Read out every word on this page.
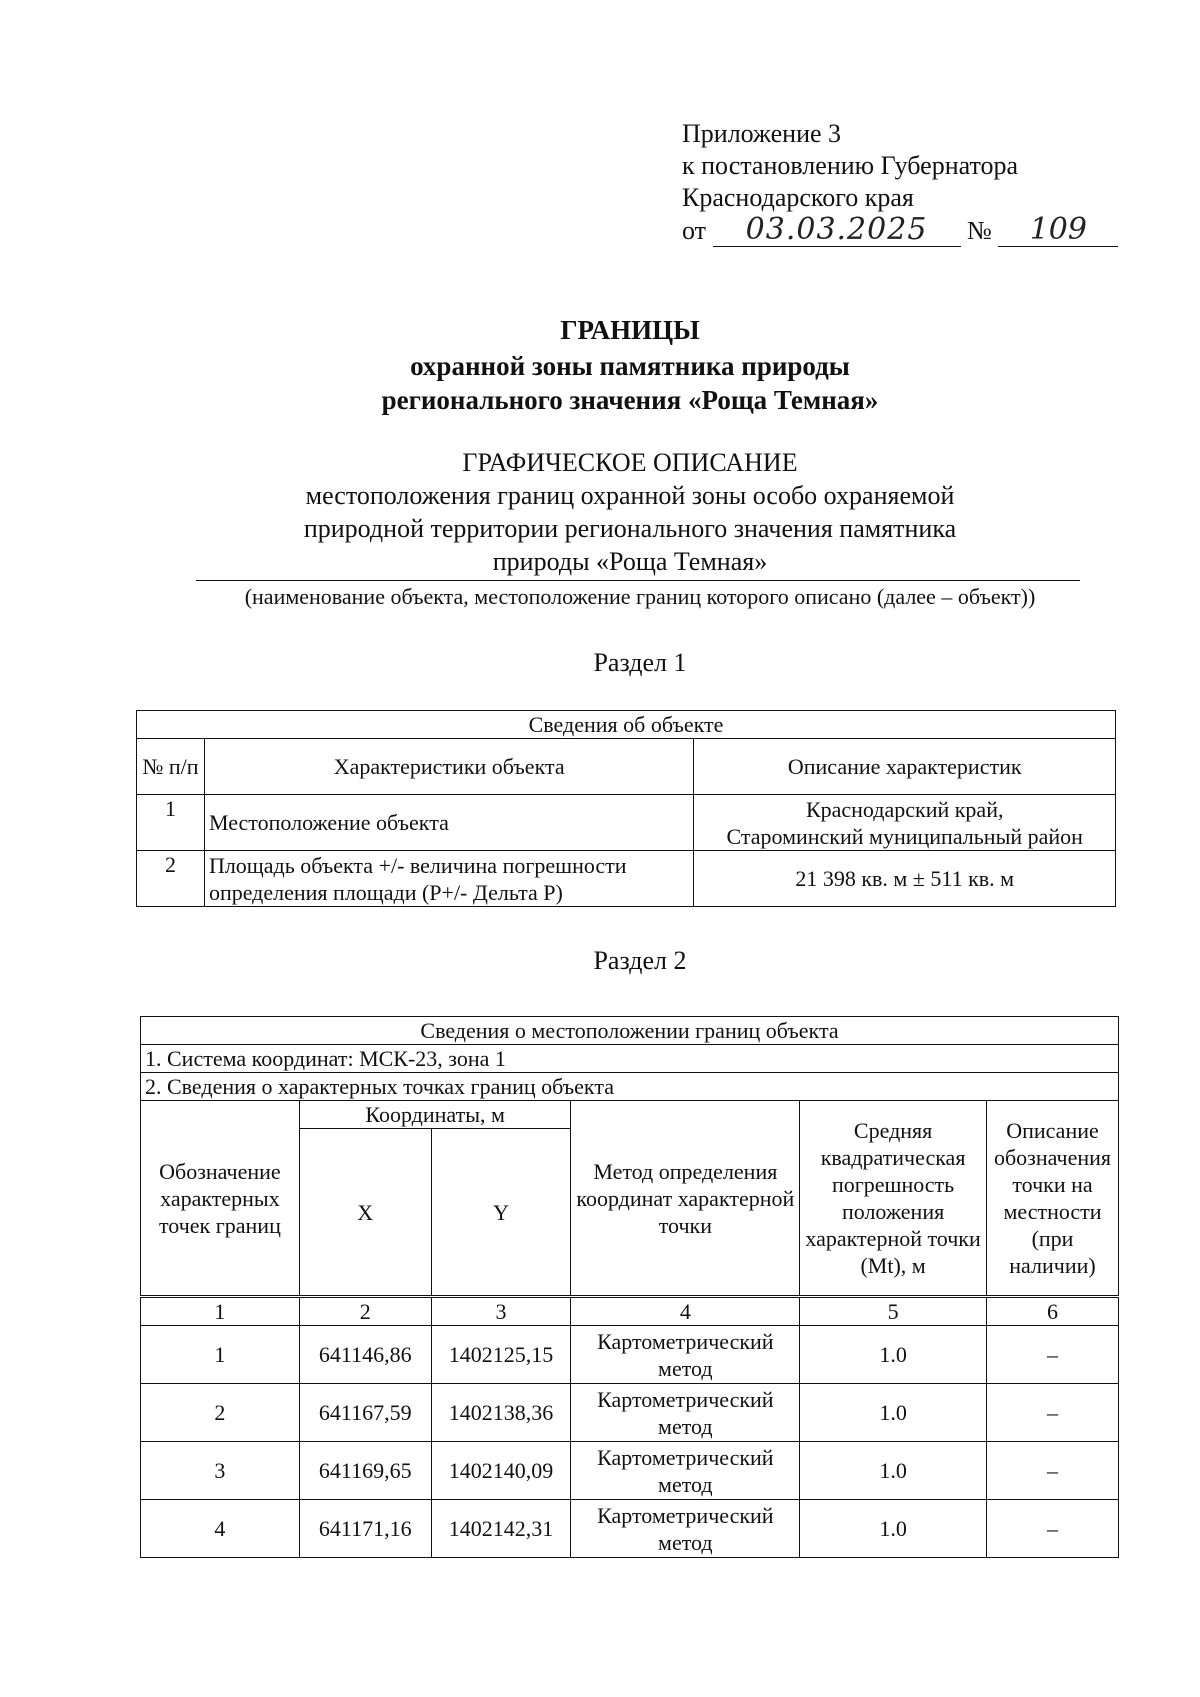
Приложение 3
к постановлению Губернатора
Краснодарского края
от 03.03.2025 № 109
ГРАНИЦЫ
охранной зоны памятника природы
регионального значения «Роща Темная»
ГРАФИЧЕСКОЕ ОПИСАНИЕ
местоположения границ охранной зоны особо охраняемой
природной территории регионального значения памятника
природы «Роща Темная»
(наименование объекта, местоположение границ которого описано (далее – объект))
Раздел 1
Сведения об объекте		
№ п/п	Характеристики объекта	Описание характеристик
1	Местоположение объекта	Краснодарский край,
Староминский муниципальный район

2	Площадь объекта +/- величина погрешности
определения площади (Р+/- Дельта Р)	21 398 кв. м ± 511 кв. м
Раздел 2
Сведения о местоположении границ объекта					
1. Система координат: МСК-23, зона 1					
2. Сведения о характерных точках границ объекта					
Обозначение характерных точек границ	Координаты, м		Метод определения координат характерной точки	Средняя квадратическая погрешность положения характерной точки (Мt), м	Описание обозначения точки на местности (при наличии)
	X	Y			
1	2	3	4	5	6
1	641146,86	1402125,15	Картометрический метод	1.0	–
2	641167,59	1402138,36	Картометрический метод	1.0	–
3	641169,65	1402140,09	Картометрический метод	1.0	–
4	641171,16	1402142,31	Картометрический метод	1.0	–
